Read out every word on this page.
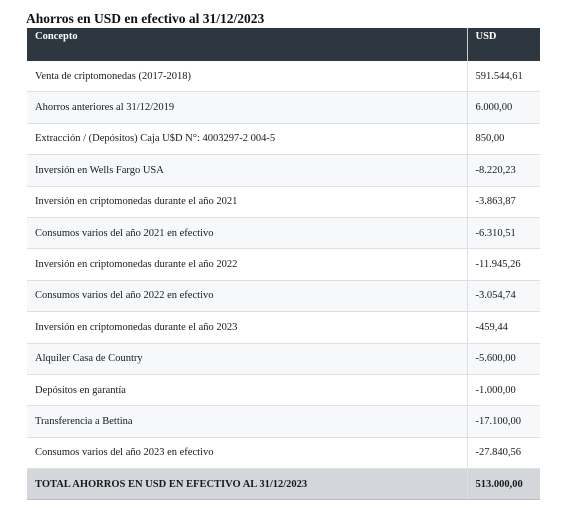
Ahorros en USD en efectivo al 31/12/2023
Concepto	USD
Venta de criptomonedas (2017-2018)	591.544,61
Ahorros anteriores al 31/12/2019	6.000,00
Extracción / (Depósitos) Caja U$D N°: 4003297-2 004-5	850,00
Inversión en Wells Fargo USA	-8.220,23
Inversión en criptomonedas durante el año 2021	-3.863,87
Consumos varios del año 2021 en efectivo	-6.310,51
Inversión en criptomonedas durante el año 2022	-11.945,26
Consumos varios del año 2022 en efectivo	-3.054,74
Inversión en criptomonedas durante el año 2023	-459,44
Alquiler Casa de Country	-5.600,00
Depósitos en garantía	-1.000,00
Transferencia a Bettina	-17.100,00
Consumos varios del año 2023 en efectivo	-27.840,56
TOTAL AHORROS EN USD EN EFECTIVO AL 31/12/2023	513.000,00
